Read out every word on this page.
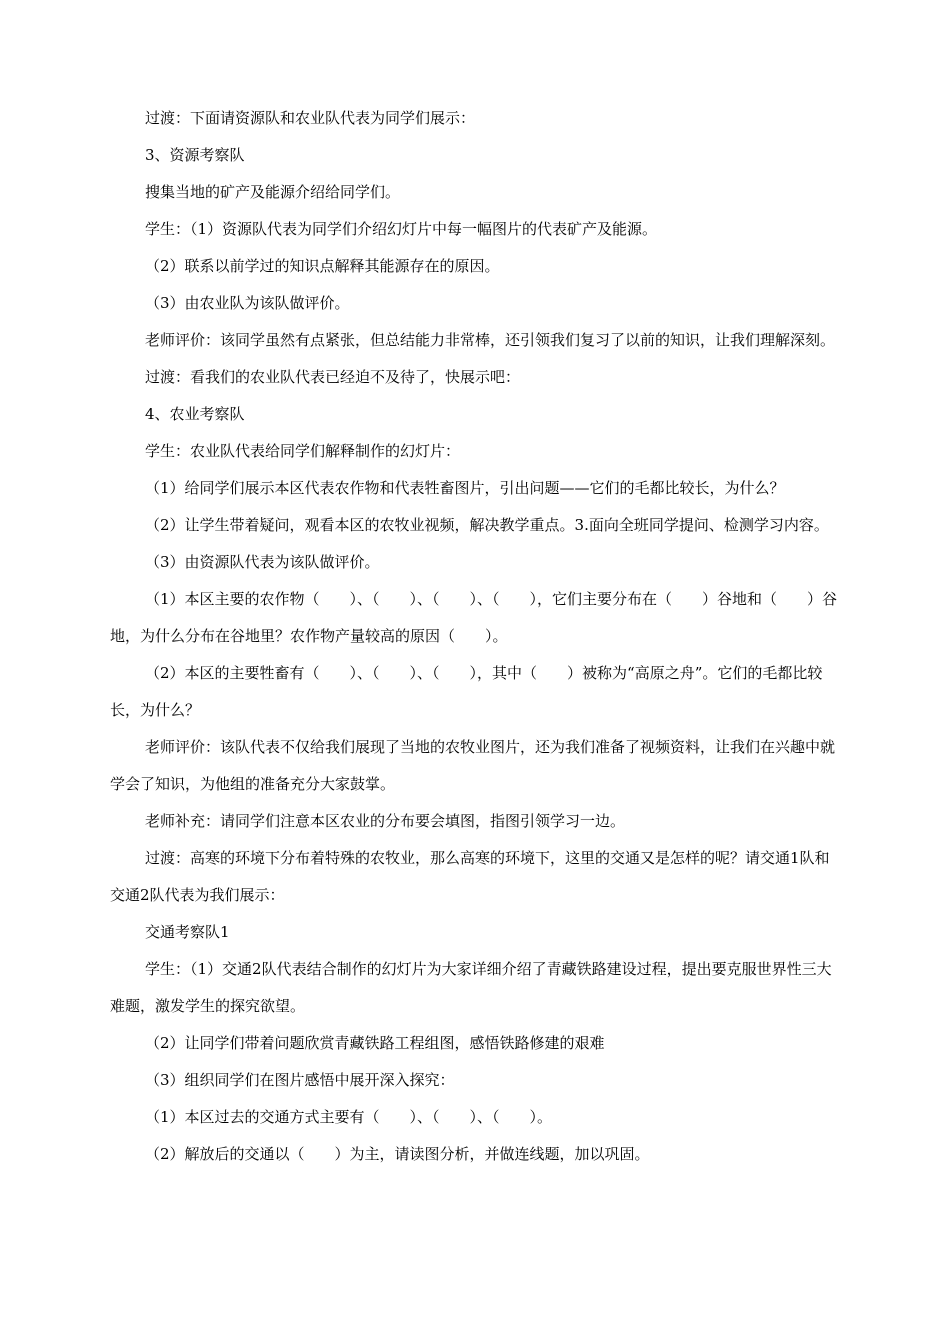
过渡：下面请资源队和农业队代表为同学们展示：

3、资源考察队

搜集当地的矿产及能源介绍给同学们。

学生：（1）资源队代表为同学们介绍幻灯片中每一幅图片的代表矿产及能源。

（2）联系以前学过的知识点解释其能源存在的原因。

（3）由农业队为该队做评价。

老师评价：该同学虽然有点紧张，但总结能力非常棒，还引领我们复习了以前的知识，让我们理解深刻。

过渡：看我们的农业队代表已经迫不及待了，快展示吧：

4、农业考察队

学生：农业队代表给同学们解释制作的幻灯片：

（1）给同学们展示本区代表农作物和代表牲畜图片，引出问题——它们的毛都比较长，为什么？

（2）让学生带着疑问，观看本区的农牧业视频，解决教学重点。3.面向全班同学提问、检测学习内容。

（3）由资源队代表为该队做评价。

（1）本区主要的农作物（　　）、（　　）、（　　）、（　　），它们主要分布在（　　）谷地和（　　）谷地，为什么分布在谷地里？农作物产量较高的原因（　　）。

（2）本区的主要牲畜有（　　）、（　　）、（　　），其中（　　）被称为“高原之舟”。它们的毛都比较长，为什么？

老师评价：该队代表不仅给我们展现了当地的农牧业图片，还为我们准备了视频资料，让我们在兴趣中就学会了知识，为他组的准备充分大家鼓掌。

老师补充：请同学们注意本区农业的分布要会填图，指图引领学习一边。

过渡：高寒的环境下分布着特殊的农牧业，那么高寒的环境下，这里的交通又是怎样的呢？请交通1队和交通2队代表为我们展示：

交通考察队1

学生：（1）交通2队代表结合制作的幻灯片为大家详细介绍了青藏铁路建设过程，提出要克服世界性三大难题，激发学生的探究欲望。

（2）让同学们带着问题欣赏青藏铁路工程组图，感悟铁路修建的艰难

（3）组织同学们在图片感悟中展开深入探究：

（1）本区过去的交通方式主要有（　　）、（　　）、（　　）。

（2）解放后的交通以（　　）为主，请读图分析，并做连线题，加以巩固。
